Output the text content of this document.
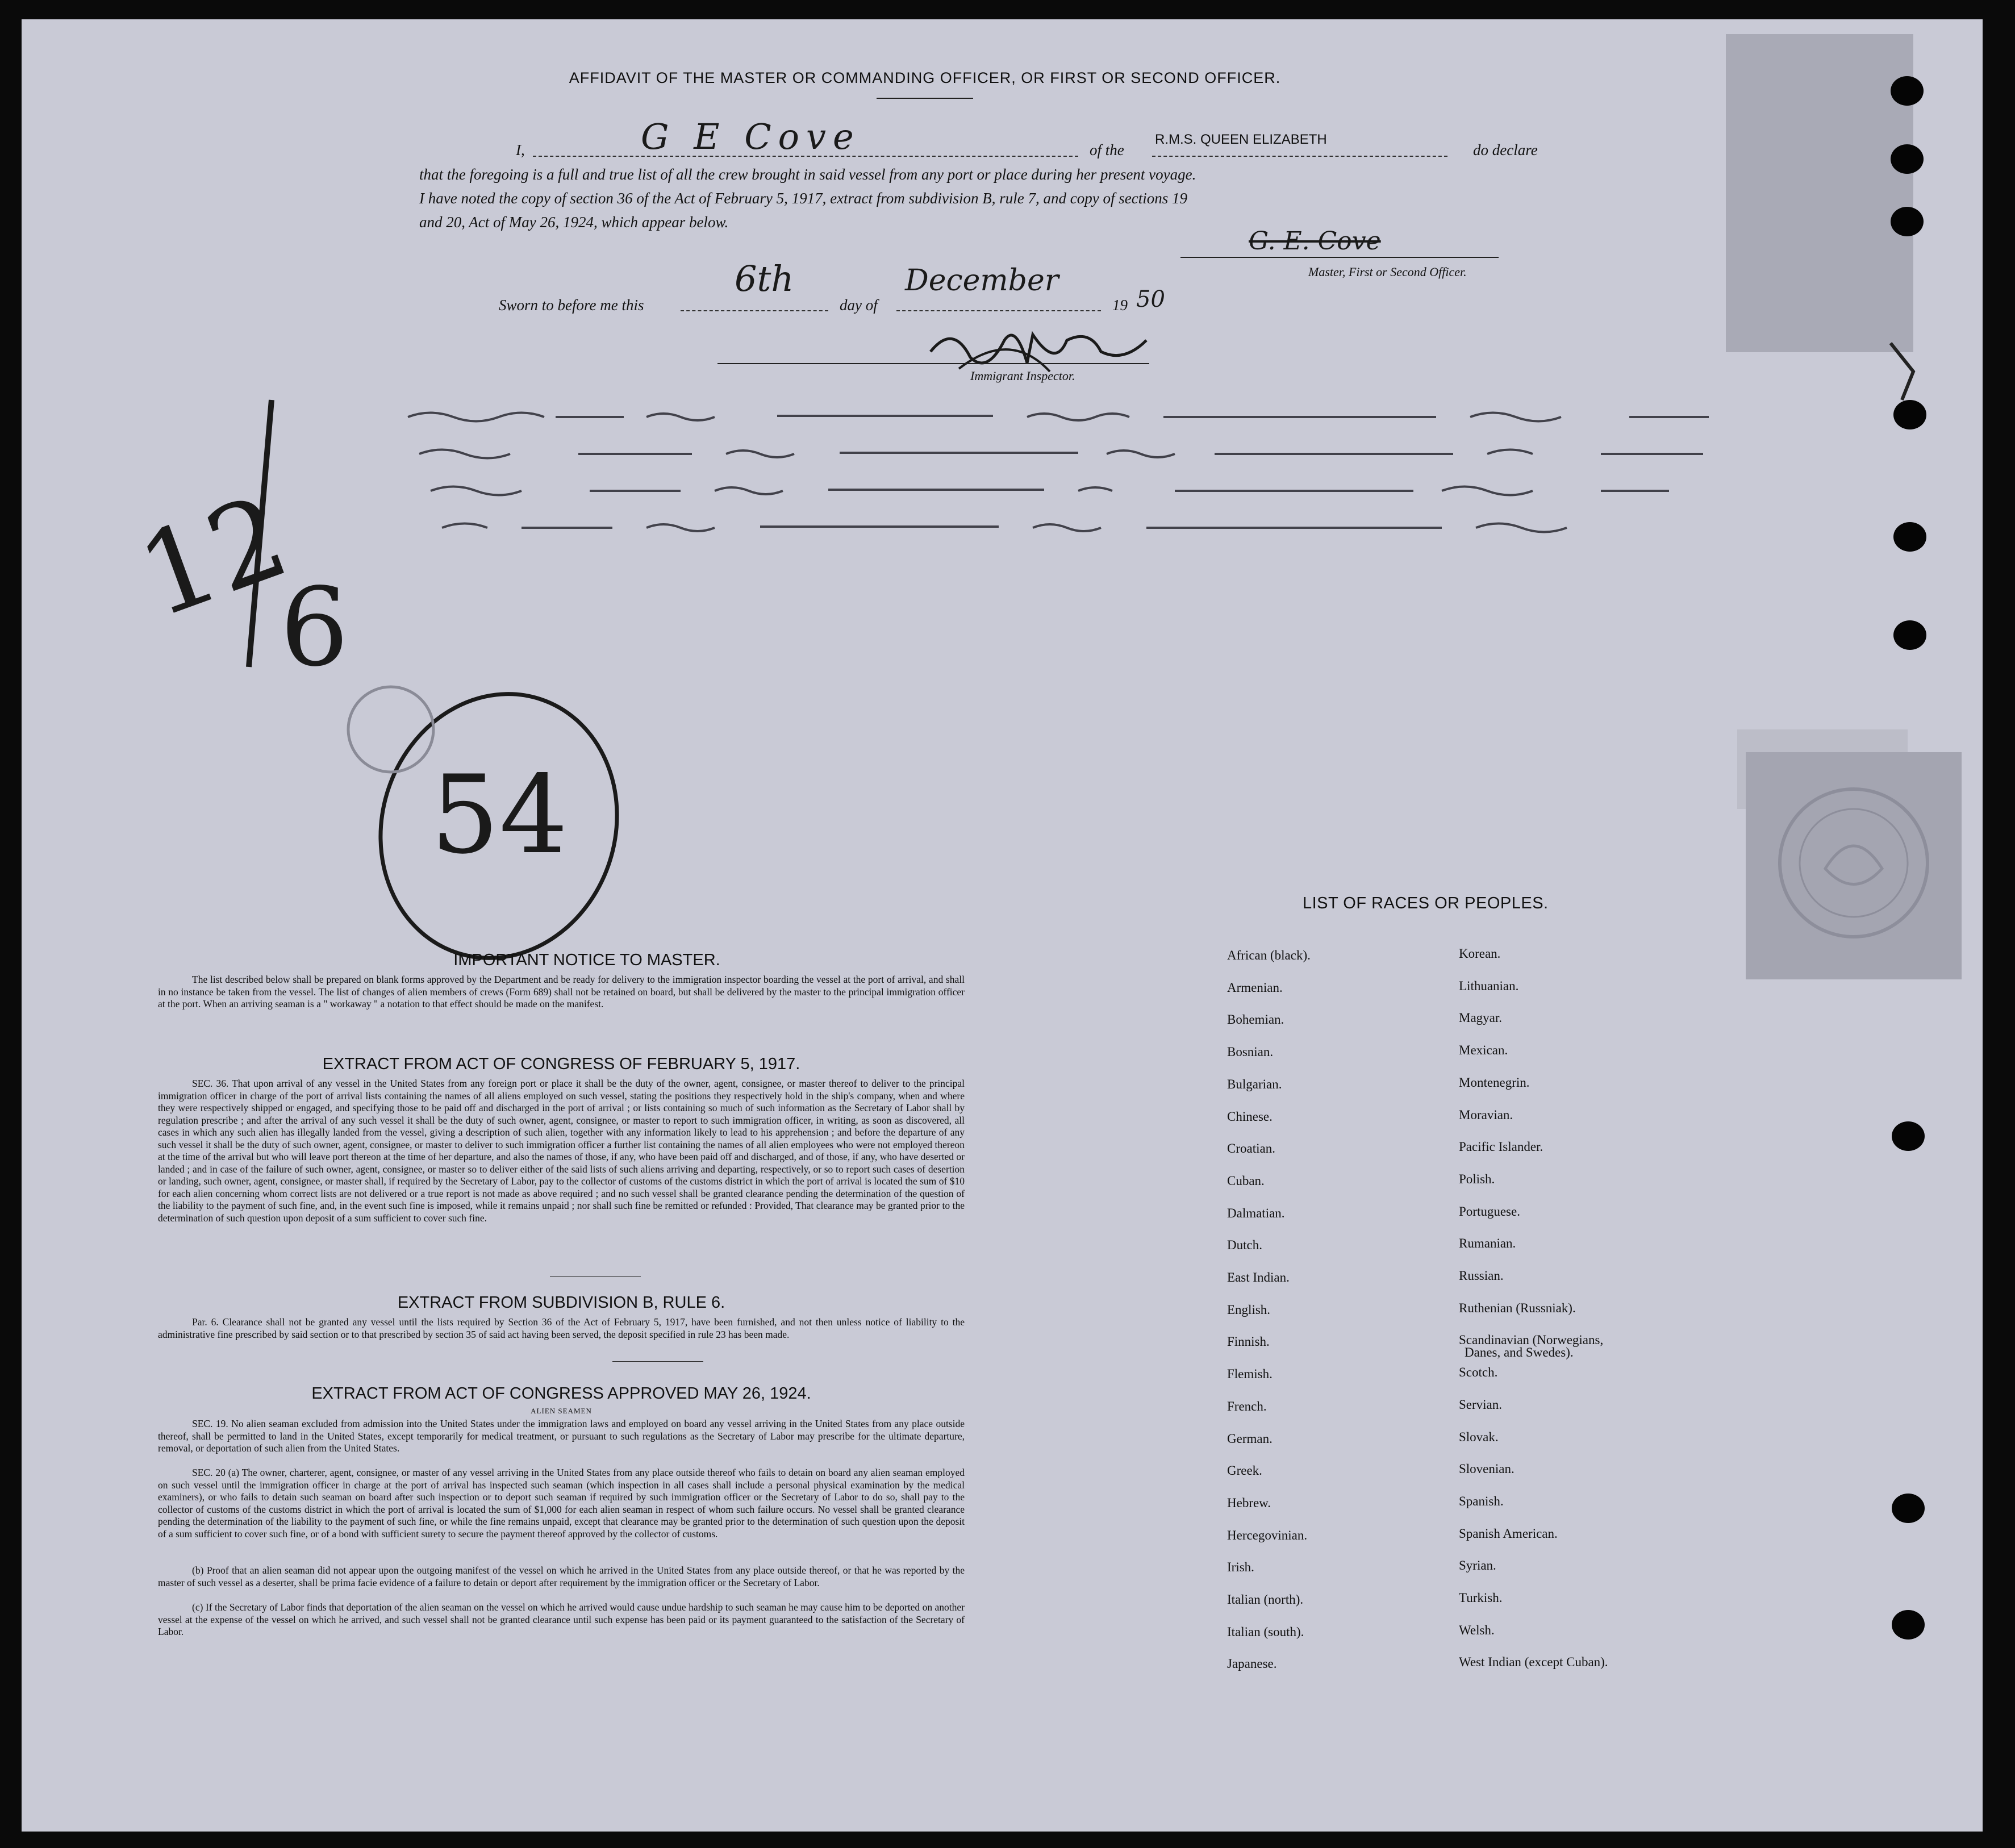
AFFIDAVIT OF THE MASTER OR COMMANDING OFFICER, OR FIRST OR SECOND OFFICER.
I,	G E Cove	of the
R.M.S. QUEEN ELIZABETH
do declare
that the foregoing is a full and true list of all the crew brought in said vessel from any port or place during her present voyage.
I have noted the copy of section 36 of the Act of February 5, 1917, extract from subdivision B, rule 7, and copy of sections 19
and 20, Act of May 26, 1924, which appear below.
G. E. Cove
Master, First or Second Officer.
Sworn to before me this
6th
day of
December
19 50
Immigrant Inspector.
12
6
54
IMPORTANT NOTICE TO MASTER.
The list described below shall be prepared on blank forms approved by the Department and be ready for delivery to the immigration inspector boarding the vessel at the port of arrival, and shall in no instance be taken from the vessel. The list of changes of alien members of crews (Form 689) shall not be retained on board, but shall be delivered by the master to the principal immigration officer at the port. When an arriving seaman is a " workaway " a notation to that effect should be made on the manifest.
EXTRACT FROM ACT OF CONGRESS OF FEBRUARY 5, 1917.
SEC. 36. That upon arrival of any vessel in the United States from any foreign port or place it shall be the duty of the owner, agent, consignee, or master thereof to deliver to the principal immigration officer in charge of the port of arrival lists containing the names of all aliens employed on such vessel, stating the positions they respectively hold in the ship's company, when and where they were respectively shipped or engaged, and specifying those to be paid off and discharged in the port of arrival ; or lists containing so much of such information as the Secretary of Labor shall by regulation prescribe ; and after the arrival of any such vessel it shall be the duty of such owner, agent, consignee, or master to report to such immigration officer, in writing, as soon as discovered, all cases in which any such alien has illegally landed from the vessel, giving a description of such alien, together with any information likely to lead to his apprehension ; and before the departure of any such vessel it shall be the duty of such owner, agent, consignee, or master to deliver to such immigration officer a further list containing the names of all alien employees who were not employed thereon at the time of the arrival but who will leave port thereon at the time of her departure, and also the names of those, if any, who have been paid off and discharged, and of those, if any, who have deserted or landed ; and in case of the failure of such owner, agent, consignee, or master so to deliver either of the said lists of such aliens arriving and departing, respectively, or so to report such cases of desertion or landing, such owner, agent, consignee, or master shall, if required by the Secretary of Labor, pay to the collector of customs of the customs district in which the port of arrival is located the sum of $10 for each alien concerning whom correct lists are not delivered or a true report is not made as above required ; and no such vessel shall be granted clearance pending the determination of the question of the liability to the payment of such fine, and, in the event such fine is imposed, while it remains unpaid ; nor shall such fine be remitted or refunded : Provided, That clearance may be granted prior to the determination of such question upon deposit of a sum sufficient to cover such fine.
EXTRACT FROM SUBDIVISION B, RULE 6.
Par. 6. Clearance shall not be granted any vessel until the lists required by Section 36 of the Act of February 5, 1917, have been furnished, and not then unless notice of liability to the administrative fine prescribed by said section or to that prescribed by section 35 of said act having been served, the deposit specified in rule 23 has been made.
EXTRACT FROM ACT OF CONGRESS APPROVED MAY 26, 1924.
ALIEN SEAMEN
SEC. 19. No alien seaman excluded from admission into the United States under the immigration laws and employed on board any vessel arriving in the United States from any place outside thereof, shall be permitted to land in the United States, except temporarily for medical treatment, or pursuant to such regulations as the Secretary of Labor may prescribe for the ultimate departure, removal, or deportation of such alien from the United States.
SEC. 20 (a) The owner, charterer, agent, consignee, or master of any vessel arriving in the United States from any place outside thereof who fails to detain on board any alien seaman employed on such vessel until the immigration officer in charge at the port of arrival has inspected such seaman (which inspection in all cases shall include a personal physical examination by the medical examiners), or who fails to detain such seaman on board after such inspection or to deport such seaman if required by such immigration officer or the Secretary of Labor to do so, shall pay to the collector of customs of the customs district in which the port of arrival is located the sum of $1,000 for each alien seaman in respect of whom such failure occurs. No vessel shall be granted clearance pending the determination of the liability to the payment of such fine, or while the fine remains unpaid, except that clearance may be granted prior to the determination of such question upon the deposit of a sum sufficient to cover such fine, or of a bond with sufficient surety to secure the payment thereof approved by the collector of customs.
(b) Proof that an alien seaman did not appear upon the outgoing manifest of the vessel on which he arrived in the United States from any place outside thereof, or that he was reported by the master of such vessel as a deserter, shall be prima facie evidence of a failure to detain or deport after requirement by the immigration officer or the Secretary of Labor.
(c) If the Secretary of Labor finds that deportation of the alien seaman on the vessel on which he arrived would cause undue hardship to such seaman he may cause him to be deported on another vessel at the expense of the vessel on which he arrived, and such vessel shall not be granted clearance until such expense has been paid or its payment guaranteed to the satisfaction of the Secretary of Labor.
LIST OF RACES OR PEOPLES.
African (black).
Armenian.
Bohemian.
Bosnian.
Bulgarian.
Chinese.
Croatian.
Cuban.
Dalmatian.
Dutch.
East Indian.
English.
Finnish.
Flemish.
French.
German.
Greek.
Hebrew.
Hercegovinian.
Irish.
Italian (north).
Italian (south).
Japanese.
Korean.
Lithuanian.
Magyar.
Mexican.
Montenegrin.
Moravian.
Pacific Islander.
Polish.
Portuguese.
Rumanian.
Russian.
Ruthenian (Russniak).
Scandinavian (Norwegians,
Scotch.
Servian.
Slovak.
Slovenian.
Spanish.
Spanish American.
Syrian.
Turkish.
Welsh.
West Indian (except Cuban).
Danes, and Swedes).
